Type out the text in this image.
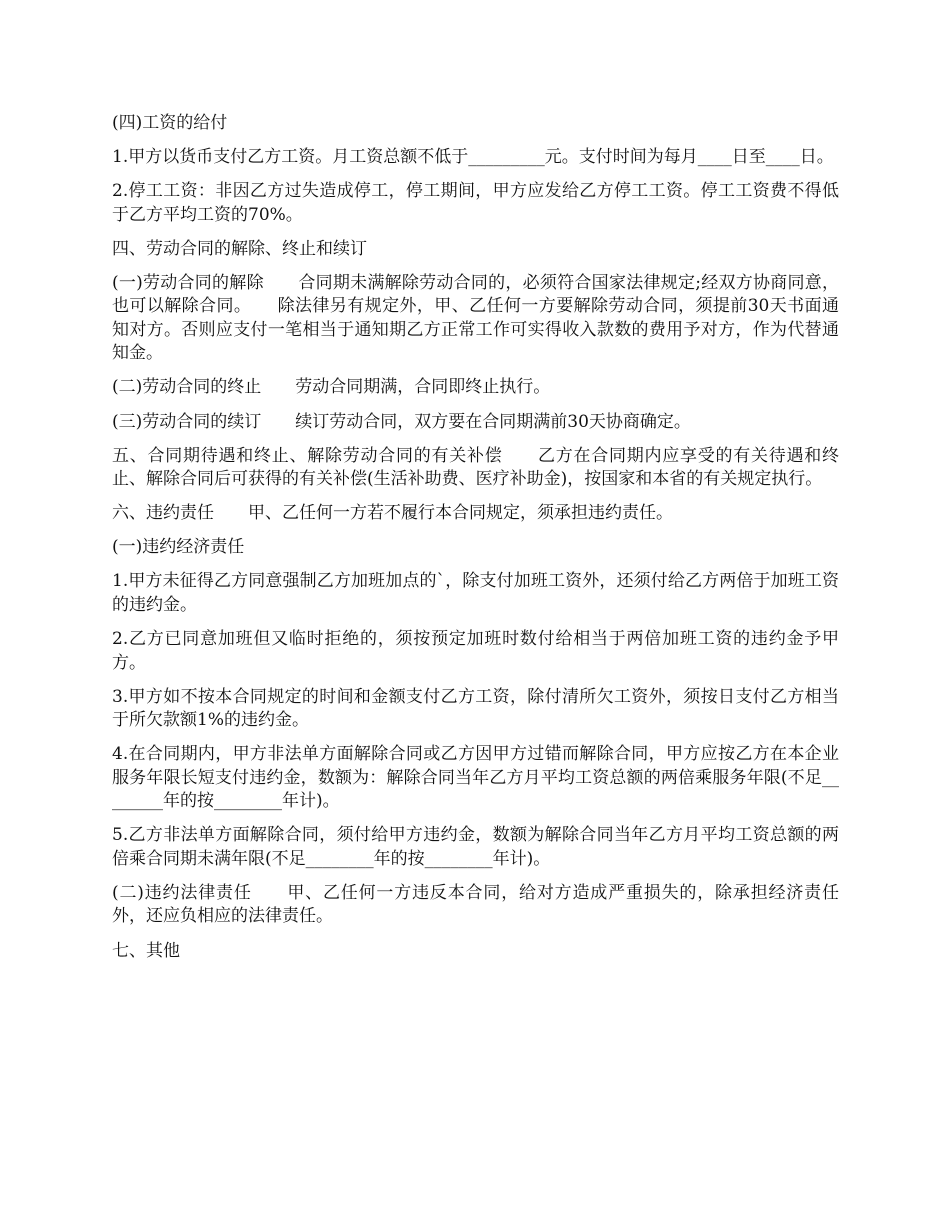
(四)工资的给付

1.甲方以货币支付乙方工资。月工资总额不低于_________元。支付时间为每月____日至____日。

2.停工工资：非因乙方过失造成停工，停工期间，甲方应发给乙方停工工资。停工工资费不得低于乙方平均工资的70%。

四、劳动合同的解除、终止和续订

(一)劳动合同的解除　　合同期未满解除劳动合同的，必须符合国家法律规定;经双方协商同意，也可以解除合同。　　除法律另有规定外，甲、乙任何一方要解除劳动合同，须提前30天书面通知对方。否则应支付一笔相当于通知期乙方正常工作可实得收入款数的费用予对方，作为代替通知金。

(二)劳动合同的终止　　劳动合同期满，合同即终止执行。

(三)劳动合同的续订　　续订劳动合同，双方要在合同期满前30天协商确定。

五、合同期待遇和终止、解除劳动合同的有关补偿　　乙方在合同期内应享受的有关待遇和终止、解除合同后可获得的有关补偿(生活补助费、医疗补助金)，按国家和本省的有关规定执行。

六、违约责任　　甲、乙任何一方若不履行本合同规定，须承担违约责任。

(一)违约经济责任

1.甲方未征得乙方同意强制乙方加班加点的`，除支付加班工资外，还须付给乙方两倍于加班工资的违约金。

2.乙方已同意加班但又临时拒绝的，须按预定加班时数付给相当于两倍加班工资的违约金予甲方。

3.甲方如不按本合同规定的时间和金额支付乙方工资，除付清所欠工资外，须按日支付乙方相当于所欠款额1%的违约金。

4.在合同期内，甲方非法单方面解除合同或乙方因甲方过错而解除合同，甲方应按乙方在本企业服务年限长短支付违约金，数额为：解除合同当年乙方月平均工资总额的两倍乘服务年限(不足________年的按________年计)。

5.乙方非法单方面解除合同，须付给甲方违约金，数额为解除合同当年乙方月平均工资总额的两倍乘合同期未满年限(不足________年的按________年计)。

(二)违约法律责任　　甲、乙任何一方违反本合同，给对方造成严重损失的，除承担经济责任外，还应负相应的法律责任。

七、其他
